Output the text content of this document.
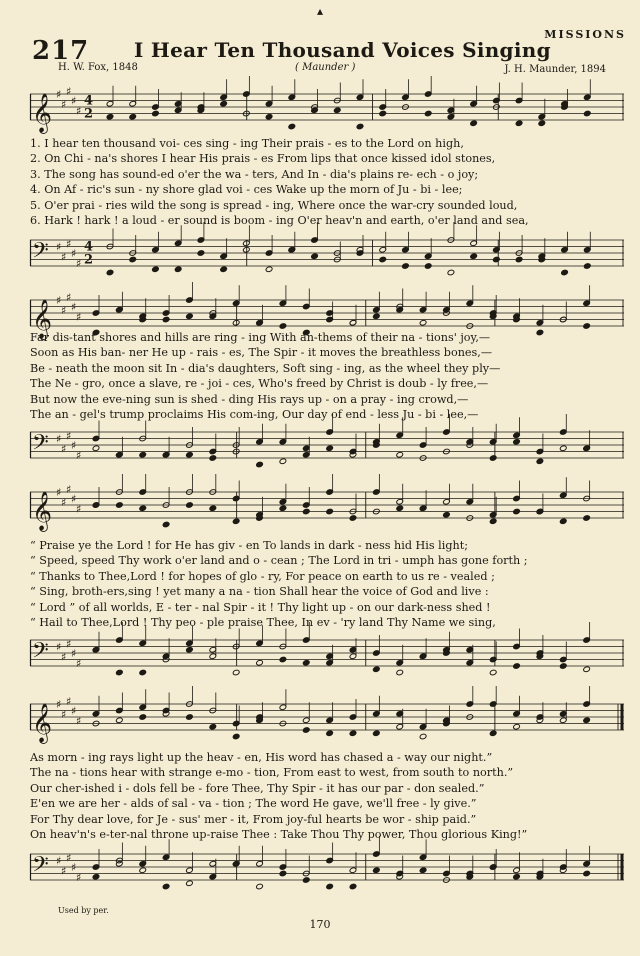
▴
217 I Hear Ten Thousand Voices Singing
MISSIONS
H. W. Fox, 1848	( Maunder )	J. H. Maunder, 1894
𝄞 ♯
♯
♯
♯
♯
4
2
1. I hear ten thousand voi- ces sing - ing Their prais - es to the Lord on high,
2. On Chi - na's shores I hear His prais - es From lips that once kissed idol stones,
3. The song has sound-ed o'er the wa - ters, And In - dia's plains re- ech - o joy;
4. On Af - ric's sun - ny shore glad voi - ces Wake up the morn of Ju - bi - lee;
5. O'er prai - ries wild the song is spread - ing, Where once the war-cry sounded loud,
6. Hark ! hark ! a loud - er sound is boom - ing O'er heav'n and earth, o'er land and sea,
𝄢 ♯
♯
♯
♯
♯
4
2
𝄞 ♯
♯
♯
♯
♯
Far dis-tant shores and hills are ring - ing With an-thems of their na - tions' joy,—
Soon as His ban- ner He up - rais - es, The Spir - it moves the breathless bones,—
Be - neath the moon sit In - dia's daughters, Soft sing - ing, as the wheel they ply—
The Ne - gro, once a slave, re - joi - ces, Who's freed by Christ is doub - ly free,—
But now the eve-ning sun is shed - ding His rays up - on a pray - ing crowd,—
The an - gel's trump proclaims His com-ing, Our day of end - less Ju - bi - lee,—
𝄢 ♯
♯
♯
♯
♯
𝄞 ♯
♯
♯
♯
♯
“ Praise ye the Lord ! for He has giv - en To lands in dark - ness hid His light;
“ Speed, speed Thy work o'er land and o - cean ; The Lord in tri - umph has gone forth ;
“ Thanks to Thee,Lord ! for hopes of glo - ry, For peace on earth to us re - vealed ;
“ Sing, broth-ers,sing ! yet many a na - tion Shall hear the voice of God and live :
“ Lord ” of all worlds, E - ter - nal Spir - it ! Thy light up - on our dark-ness shed !
“ Hail to Thee,Lord ! Thy peo - ple praise Thee, In ev - 'ry land Thy Name we sing,
𝄢 ♯
♯
♯
♯
♯
𝄞 ♯
♯
♯
♯
♯
As morn - ing rays light up the heav - en, His word has chased a - way our night.”
The na - tions hear with strange e-mo - tion, From east to west, from south to north.”
Our cher-ished i - dols fell be - fore Thee, Thy Spir - it has our par - don sealed.”
E'en we are her - alds of sal - va - tion ; The word He gave, we'll free - ly give.”
For Thy dear love, for Je - sus' mer - it, From joy-ful hearts be wor - ship paid.”
On heav'n's e-ter-nal throne up-raise Thee : Take Thou Thy power, Thou glorious King!”
𝄢 ♯
♯
♯
♯
♯
Used by per.
170
